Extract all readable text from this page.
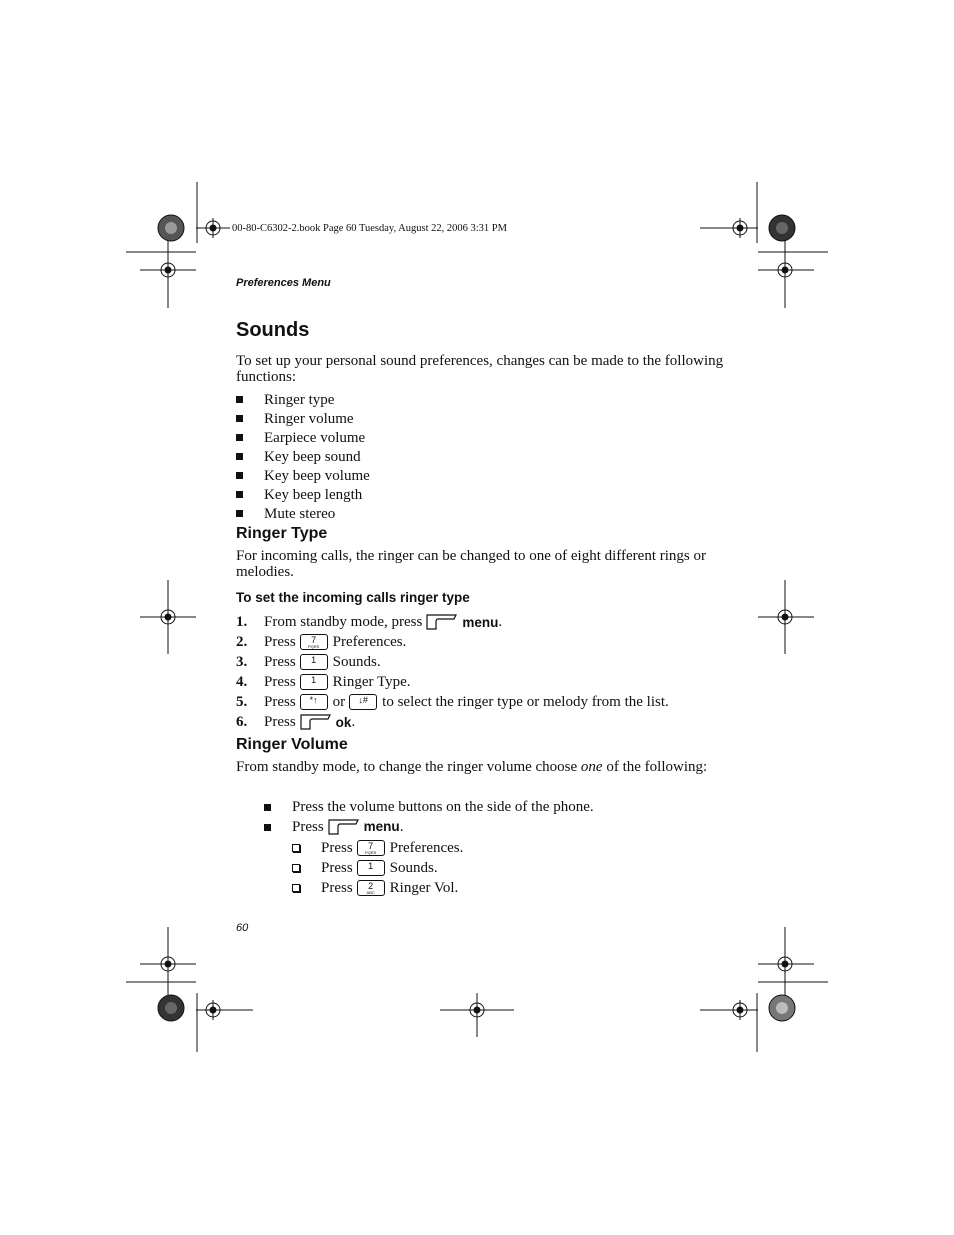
00-80-C6302-2.book Page 60 Tuesday, August 22, 2006 3:31 PM
Preferences Menu
Sounds
To set up your personal sound preferences, changes can be made to the following functions:
Ringer type
Ringer volume
Earpiece volume
Key beep sound
Key beep volume
Key beep length
Mute stereo
Ringer Type
For incoming calls, the ringer can be changed to one of eight different rings or melodies.
To set the incoming calls ringer type
1.	From standby mode, press	menu .
2.	Press	7
PQRS Preferences.
3.	Press	1	Sounds.
4.	Press	1	Ringer Type.
5.	Press	*↑	or	↓# to select the ringer type or melody from the list.
6.	Press	ok .
Ringer Volume
From standby mode, to change the ringer volume choose one of the following:
Press the volume buttons on the side of the phone.
Press	menu .
Press	7
PQRS Preferences.
Press	1	Sounds.
Press	2
ABC Ringer Vol.
60
